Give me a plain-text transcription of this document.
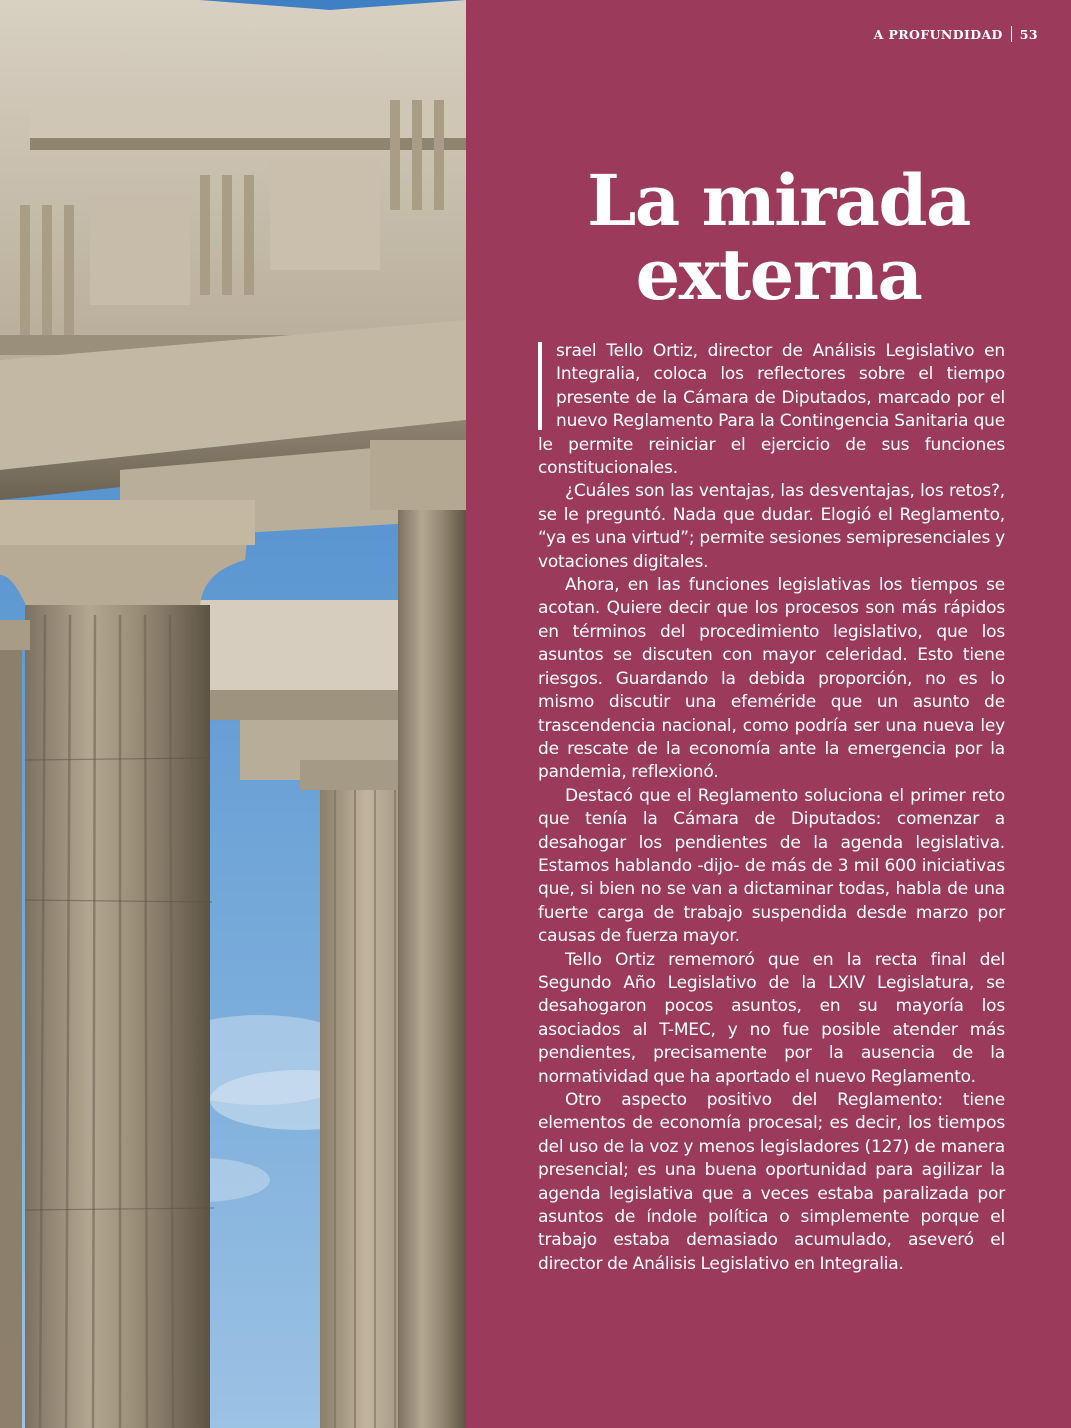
A PROFUNDIDAD 53
La mirada
externa

srael Tello Ortiz, director de Análisis Legislativo en Integralia, coloca los reflectores sobre el tiempo presente de la Cámara de Diputados, marcado por el nuevo Reglamento Para la Contingencia Sanitaria que le permite reiniciar el ejercicio de sus funciones constitucionales.

¿Cuáles son las ventajas, las desventajas, los retos?, se le preguntó. Nada que dudar. Elogió el Reglamento, “ya es una virtud”; permite sesiones semipresenciales y votaciones digitales.

Ahora, en las funciones legislativas los tiempos se acotan. Quiere decir que los procesos son más rápidos en términos del procedimiento legislativo, que los asuntos se discuten con mayor celeridad. Esto tiene riesgos. Guardando la debida proporción, no es lo mismo discutir una efeméride que un asunto de trascendencia nacional, como podría ser una nueva ley de rescate de la economía ante la emergencia por la pandemia, reflexionó.

Destacó que el Reglamento soluciona el primer reto que tenía la Cámara de Diputados: comenzar a desahogar los pendientes de la agenda legislativa. Estamos hablando -dijo- de más de 3 mil 600 iniciativas que, si bien no se van a dictaminar todas, habla de una fuerte carga de trabajo suspendida desde marzo por causas de fuerza mayor.

Tello Ortiz rememoró que en la recta final del Segundo Año Legislativo de la LXIV Legislatura, se desahogaron pocos asuntos, en su mayoría los asociados al T-MEC, y no fue posible atender más pendientes, precisamente por la ausencia de la normatividad que ha aportado el nuevo Reglamento.

Otro aspecto positivo del Reglamento: tiene elementos de economía procesal; es decir, los tiempos del uso de la voz y menos legisladores (127) de manera presencial; es una buena oportunidad para agilizar la agenda legislativa que a veces estaba paralizada por asuntos de índole política o simplemente porque el trabajo estaba demasiado acumulado, aseveró el director de Análisis Legislativo en Integralia.
